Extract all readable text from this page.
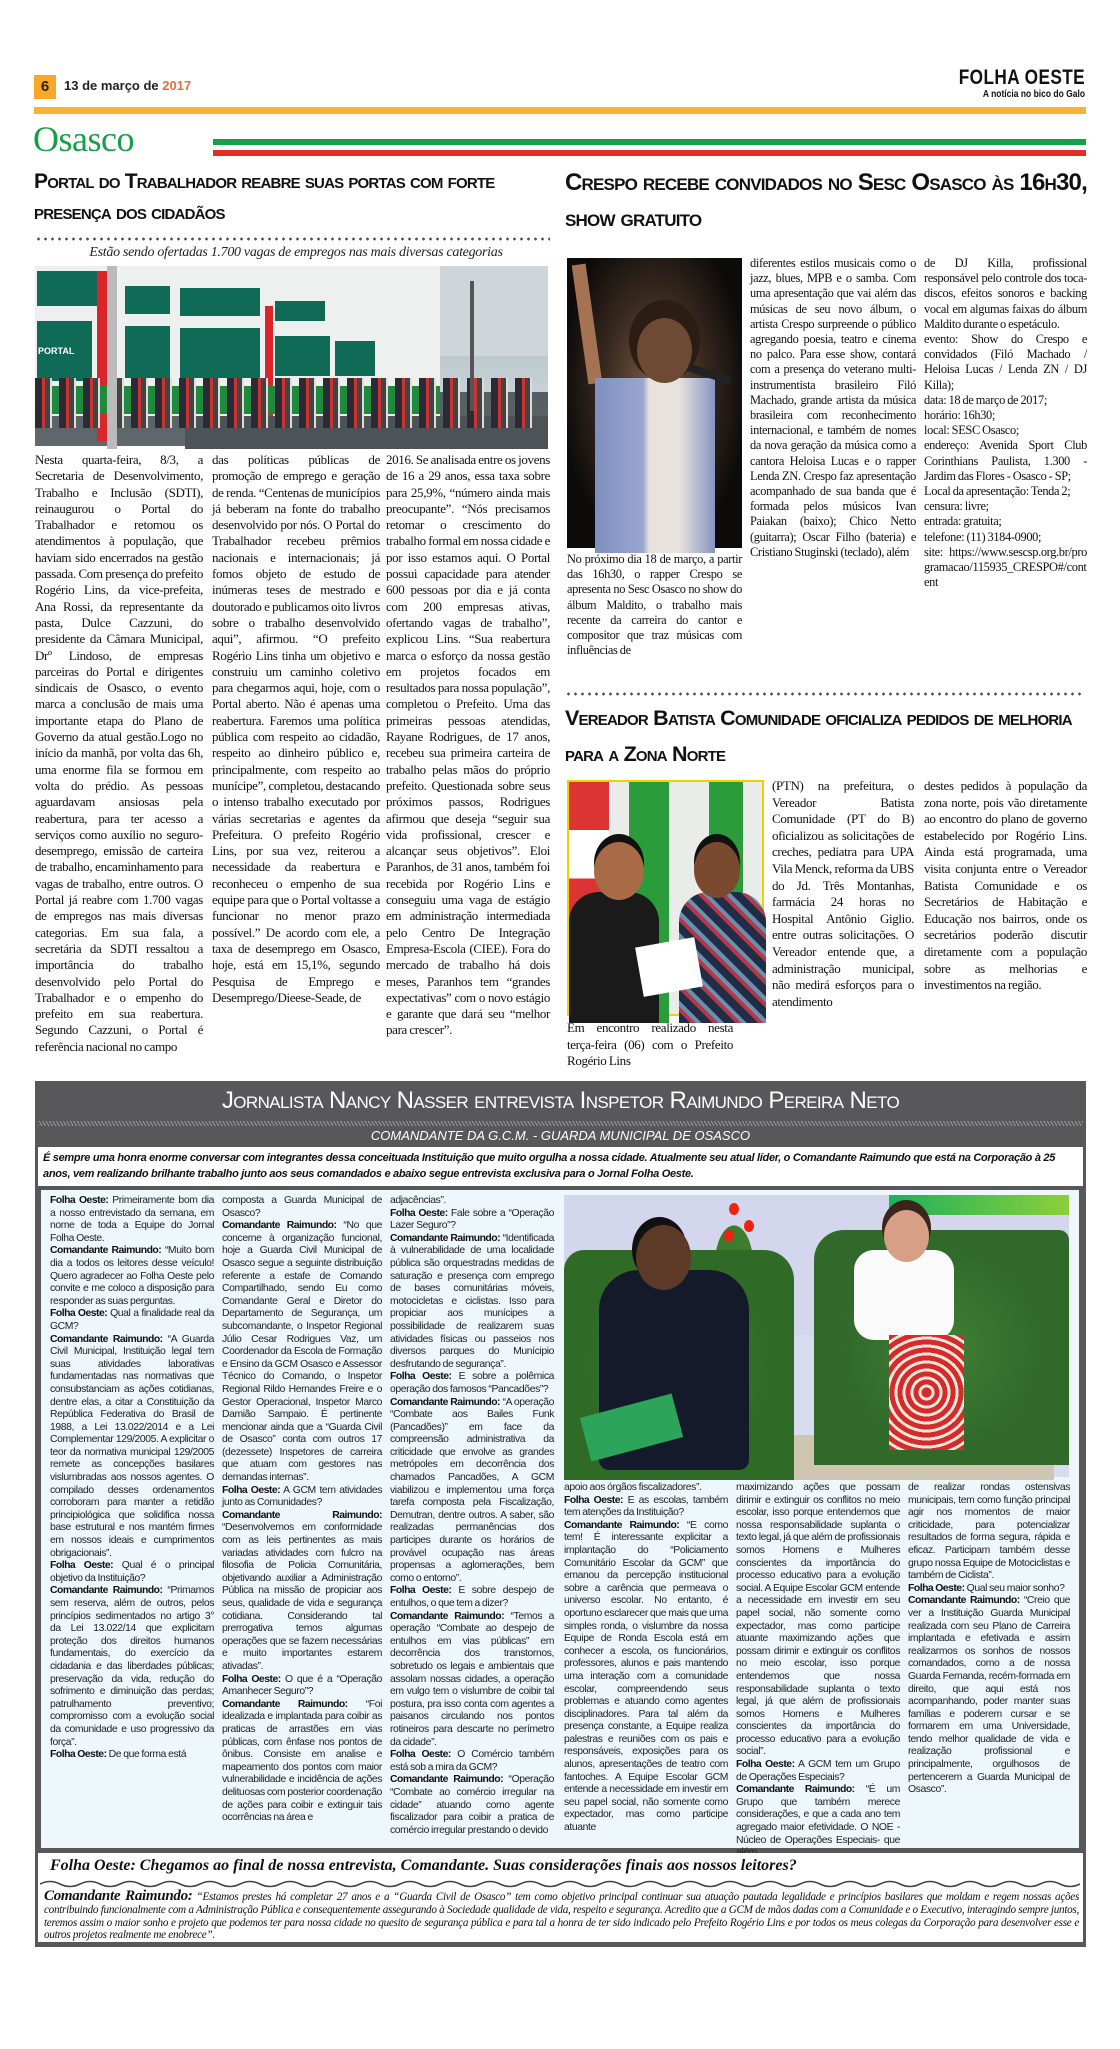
6	13 de março de 2017	FOLHA OESTE
A notícia no bico do Galo
Osasco
Portal do Trabalhador reabre suas portas com forte presença dos cidadãos
Estão sendo ofertadas 1.700 vagas de empregos nas mais diversas categorias
PORTAL
Nesta quarta-feira, 8/3, a Secretaria de Desenvolvimento, Trabalho e Inclusão (SDTI), reinaugurou o Portal do Trabalhador e retomou os atendimentos à população, que haviam sido encerrados na gestão passada. Com presença do prefeito Rogério Lins, da vice-prefeita, Ana Rossi, da representante da pasta, Dulce Cazzuni, do presidente da Câmara Municipal, Drº Lindoso, de empresas parceiras do Portal e dirigentes sindicais de Osasco, o evento marca a conclusão de mais uma importante etapa do Plano de Governo da atual gestão.Logo no início da manhã, por volta das 6h, uma enorme fila se formou em volta do prédio. As pessoas aguardavam ansiosas pela reabertura, para ter acesso a serviços como auxílio no seguro-desemprego, emissão de carteira de trabalho, encaminhamento para vagas de trabalho, entre outros. O Portal já reabre com 1.700 vagas de empregos nas mais diversas categorias. Em sua fala, a secretária da SDTI ressaltou a importância do trabalho desenvolvido pelo Portal do Trabalhador e o empenho do prefeito em sua reabertura. Segundo Cazzuni, o Portal é referência nacional no campo
das políticas públicas de promoção de emprego e geração de renda. “Centenas de municípios já beberam na fonte do trabalho desenvolvido por nós. O Portal do Trabalhador recebeu prêmios nacionais e internacionais; já fomos objeto de estudo de inúmeras teses de mestrado e doutorado e publicamos oito livros sobre o trabalho desenvolvido aqui”, afirmou. “O prefeito Rogério Lins tinha um objetivo e construiu um caminho coletivo para chegarmos aqui, hoje, com o Portal aberto. Não é apenas uma reabertura. Faremos uma política pública com respeito ao cidadão, respeito ao dinheiro público e, principalmente, com respeito ao munícipe”, completou, destacando o intenso trabalho executado por várias secretarias e agentes da Prefeitura. O prefeito Rogério Lins, por sua vez, reiterou a necessidade da reabertura e reconheceu o empenho de sua equipe para que o Portal voltasse a funcionar no menor prazo possível.” De acordo com ele, a taxa de desemprego em Osasco, hoje, está em 15,1%, segundo Pesquisa de Emprego e Desemprego/Dieese-Seade, de
2016. Se analisada entre os jovens de 16 a 29 anos, essa taxa sobre para 25,9%, “número ainda mais preocupante”. “Nós precisamos retomar o crescimento do trabalho formal em nossa cidade e por isso estamos aqui. O Portal possui capacidade para atender 600 pessoas por dia e já conta com 200 empresas ativas, ofertando vagas de trabalho”, explicou Lins. “Sua reabertura marca o esforço da nossa gestão em projetos focados em resultados para nossa população”, completou o Prefeito. Uma das primeiras pessoas atendidas, Rayane Rodrigues, de 17 anos, recebeu sua primeira carteira de trabalho pelas mãos do próprio prefeito. Questionada sobre seus próximos passos, Rodrigues afirmou que deseja “seguir sua vida profissional, crescer e alcançar seus objetivos”. Eloi Paranhos, de 31 anos, também foi recebida por Rogério Lins e conseguiu uma vaga de estágio em administração intermediada pelo Centro De Integração Empresa-Escola (CIEE). Fora do mercado de trabalho há dois meses, Paranhos tem “grandes expectativas” com o novo estágio e garante que dará seu “melhor para crescer”.
Crespo recebe convidados no Sesc Osasco às 16h30, show gratuito
No próximo dia 18 de março, a partir das 16h30, o rapper Crespo se apresenta no Sesc Osasco no show do álbum Maldito, o trabalho mais recente da carreira do cantor e compositor que traz músicas com influências de
diferentes estilos musicais como o jazz, blues, MPB e o samba. Com uma apresentação que vai além das músicas de seu novo álbum, o artista Crespo surpreende o público agregando poesia, teatro e cinema no palco. Para esse show, contará com a presença do veterano multi-instrumentista brasileiro Filó Machado, grande artista da música brasileira com reconhecimento internacional, e também de nomes da nova geração da música como a cantora Heloisa Lucas e o rapper Lenda ZN. Crespo faz apresentação acompanhado de sua banda que é formada pelos músicos Ivan Paiakan (baixo); Chico Netto (guitarra); Oscar Filho (bateria) e Cristiano Stuginski (teclado), além
de DJ Killa, profissional responsável pelo controle dos toca-discos, efeitos sonoros e backing vocal em algumas faixas do álbum Maldito durante o espetáculo.
evento: Show do Crespo e convidados (Filó Machado / Heloisa Lucas / Lenda ZN / DJ Killa);
data: 18 de março de 2017;
horário: 16h30;
local: SESC Osasco;
endereço: Avenida Sport Club Corinthians Paulista, 1.300 - Jardim das Flores - Osasco - SP;
Local da apresentação: Tenda 2;
censura: livre;
entrada: gratuita;
telefone: (11) 3184-0900;
site: https://www.sescsp.org.br/programacao/115935_CRESPO#/content
Vereador Batista Comunidade oficializa pedidos de melhoria para a Zona Norte
Em encontro realizado nesta terça-feira (06) com o Prefeito Rogério Lins
(PTN) na prefeitura, o Vereador Batista Comunidade (PT do B) oficializou as solicitações de creches, pediatra para UPA Vila Menck, reforma da UBS do Jd. Três Montanhas, farmácia 24 horas no Hospital Antônio Giglio. entre outras solicitações. O Vereador entende que, a administração municipal, não medirá esforços para o atendimento
destes pedidos à população da zona norte, pois vão diretamente ao encontro do plano de governo estabelecido por Rogério Lins. Ainda está programada, uma visita conjunta entre o Vereador Batista Comunidade e os Secretários de Habitação e Educação nos bairros, onde os secretários poderão discutir diretamente com a população sobre as melhorias e investimentos na região.
Jornalista Nancy Nasser entrevista Inspetor Raimundo Pereira Neto
COMANDANTE DA G.C.M. - GUARDA MUNICIPAL DE OSASCO
É sempre uma honra enorme conversar com integrantes dessa conceituada Instituição que muito orgulha a nossa cidade. Atualmente seu atual líder, o Comandante Raimundo que está na Corporação à 25 anos, vem realizando brilhante trabalho junto aos seus comandados e abaixo segue entrevista exclusiva para o Jornal Folha Oeste.

Folha Oeste: Primeiramente bom dia a nosso entrevistado da semana, em nome de toda a Equipe do Jornal Folha Oeste.

Comandante Raimundo: “Muito bom dia a todos os leitores desse veículo! Quero agradecer ao Folha Oeste pelo convite e me coloco a disposição para responder as suas perguntas.

Folha Oeste: Qual a finalidade real da GCM?

Comandante Raimundo: “A Guarda Civil Municipal, Instituição legal tem suas atividades laborativas fundamentadas nas normativas que consubstanciam as ações cotidianas, dentre elas, a citar a Constituição da República Federativa do Brasil de 1988, a Lei 13.022/2014 e a Lei Complementar 129/2005. A explicitar o teor da normativa municipal 129/2005 remete as concepções basilares vislumbradas aos nossos agentes. O compilado desses ordenamentos corroboram para manter a retidão principiológica que solidifica nossa base estrutural e nos mantém firmes em nossos ideais e cumprimentos obrigacionais”.

Folha Oeste: Qual é o principal objetivo da Instituição?

Comandante Raimundo: “Primamos sem reserva, além de outros, pelos princípios sedimentados no artigo 3° da Lei 13.022/14 que explicitam proteção dos direitos humanos fundamentais, do exercício da cidadania e das liberdades públicas; preservação da vida, redução do sofrimento e diminuição das perdas; patrulhamento preventivo; compromisso com a evolução social da comunidade e uso progressivo da força”.

Folha Oeste: De que forma está

composta a Guarda Municipal de Osasco?

Comandante Raimundo: “No que concerne à organização funcional, hoje a Guarda Civil Municipal de Osasco segue a seguinte distribuição referente a estafe de Comando Compartilhado, sendo Eu como Comandante Geral e Diretor do Departamento de Segurança, um subcomandante, o Inspetor Regional Júlio Cesar Rodrigues Vaz, um Coordenador da Escola de Formação e Ensino da GCM Osasco e Assessor Técnico do Comando, o Inspetor Regional Rildo Hernandes Freire e o Gestor Operacional, Inspetor Marco Damião Sampaio. É pertinente mencionar ainda que a “Guarda Civil de Osasco” conta com outros 17 (dezessete) Inspetores de carreira que atuam com gestores nas demandas internas”.

Folha Oeste: A GCM tem atividades junto as Comunidades?

Comandante Raimundo: “Desenvolvemos em conformidade com as leis pertinentes as mais variadas atividades com fulcro na filosofia de Policia Comunitária, objetivando auxiliar a Administração Pública na missão de propiciar aos seus, qualidade de vida e segurança cotidiana. Considerando tal prerrogativa temos algumas operações que se fazem necessárias e muito importantes estarem ativadas”.

Folha Oeste: O que é a “Operação Amanhecer Seguro”?

Comandante Raimundo: “Foi idealizada e implantada para coibir as praticas de arrastões em vias públicas, com ênfase nos pontos de ônibus. Consiste em analise e mapeamento dos pontos com maior vulnerabilidade e incidência de ações delituosas com posterior coordenação de ações para coibir e extinguir tais ocorrências na área e

adjacências”.

Folha Oeste: Fale sobre a “Operação Lazer Seguro”?

Comandante Raimundo: “Identificada à vulnerabilidade de uma localidade pública são orquestradas medidas de saturação e presença com emprego de bases comunitárias móveis, motocicletas e ciclistas. Isso para propiciar aos munícipes a possibilidade de realizarem suas atividades físicas ou passeios nos diversos parques do Munícipio desfrutando de segurança”.

Folha Oeste: E sobre a polêmica operação dos famosos “Pancadões”?

Comandante Raimundo: “A operação “Combate aos Bailes Funk (Pancadões)” em face da compreensão administrativa da criticidade que envolve as grandes metrópoles em decorrência dos chamados Pancadões, A GCM viabilizou e implementou uma força tarefa composta pela Fiscalização, Demutran, dentre outros. A saber, são realizadas permanências dos participes durante os horários de provável ocupação nas áreas propensas a aglomerações, bem como o entorno”.

Folha Oeste: E sobre despejo de entulhos, o que tem a dizer?

Comandante Raimundo: “Temos a operação “Combate ao despejo de entulhos em vias públicas” em decorrência dos transtornos, sobretudo os legais e ambientais que assolam nossas cidades, a operação em vulgo tem o vislumbre de coibir tal postura, pra isso conta com agentes a paisanos circulando nos pontos rotineiros para descarte no perímetro da cidade”.

Folha Oeste: O Comércio também está sob a mira da GCM?

Comandante Raimundo: “Operação “Combate ao comércio irregular na cidade” atuando como agente fiscalizador para coibir a pratica de comércio irregular prestando o devido

apoio aos órgãos fiscalizadores”.

Folha Oeste: E as escolas, também tem atenções da Instituição?

Comandante Raimundo: “E como tem! É interessante explicitar a implantação do “Policiamento Comunitário Escolar da GCM” que emanou da percepção institucional sobre a carência que permeava o universo escolar. No entanto, é oportuno esclarecer que mais que uma simples ronda, o vislumbre da nossa Equipe de Ronda Escola está em conhecer a escola, os funcionários, professores, alunos e pais mantendo uma interação com a comunidade escolar, compreendendo seus problemas e atuando como agentes disciplinadores. Para tal além da presença constante, a Equipe realiza palestras e reuniões com os pais e responsáveis, exposições para os alunos, apresentações de teatro com fantoches. A Equipe Escolar GCM entende a necessidade em investir em seu papel social, não somente como expectador, mas como participe atuante

maximizando ações que possam dirimir e extinguir os conflitos no meio escolar, isso porque entendemos que nossa responsabilidade suplanta o texto legal, já que além de profissionais somos Homens e Mulheres conscientes da importância do processo educativo para a evolução social. A Equipe Escolar GCM entende a necessidade em investir em seu papel social, não somente como expectador, mas como participe atuante maximizando ações que possam dirimir e extinguir os conflitos no meio escolar, isso porque entendemos que nossa responsabilidade suplanta o texto legal, já que além de profissionais somos Homens e Mulheres conscientes da importância do processo educativo para a evolução social”.

Folha Oeste: A GCM tem um Grupo de Operações Especiais?

Comandante Raimundo: “É um Grupo que também merece considerações, e que a cada ano tem agregado maior efetividade. O NOE - Núcleo de Operações Especiais- que

de realizar rondas ostensivas municipais, tem como função principal agir nos momentos de maior criticidade, para potencializar resultados de forma segura, rápida e eficaz. Participam também desse grupo nossa Equipe de Motociclistas e também de Ciclista”.

Folha Oeste: Qual seu maior sonho?

Comandante Raimundo: “Creio que ver a Instituição Guarda Municipal realizada com seu Plano de Carreira implantada e efetivada e assim realizarmos os sonhos de nossos comandados, como a de nossa Guarda Fernanda, recém-formada em direito, que aqui está nos acompanhando, poder manter suas famílias e poderem cursar e se formarem em uma Universidade, tendo melhor qualidade de vida e realização profissional e principalmente, orgulhosos de pertencerem a Guarda Municipal de Osasco”.

Folha Oeste: Chegamos ao final de nossa entrevista, Comandante. Suas considerações finais aos nossos leitores?
Comandante Raimundo: “Estamos prestes há completar 27 anos e a “Guarda Civil de Osasco” tem como objetivo principal continuar sua atuação pautada legalidade e princípios basilares que moldam e regem nossas ações contribuindo funcionalmente com a Administração Pública e consequentemente assegurando à Sociedade qualidade de vida, respeito e segurança. Acredito que a GCM de mãos dadas com a Comunidade e o Executivo, interagindo sempre juntos, teremos assim o maior sonho e projeto que podemos ter para nossa cidade no quesito de segurança pública e para tal a honra de ter sido indicado pelo Prefeito Rogério Lins e por todos os meus colegas da Corporação para desenvolver esse e outros projetos realmente me enobrece”.
